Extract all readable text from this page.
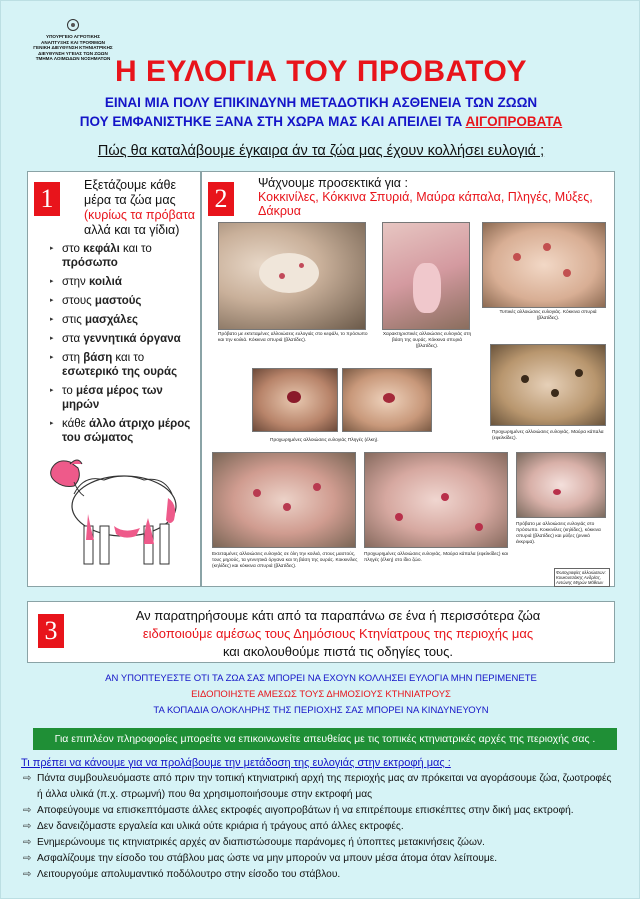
ΥΠΟΥΡΓΕΙΟ ΑΓΡΟΤΙΚΗΣ
ΑΝΑΠΤΥΞΗΣ ΚΑΙ ΤΡΟΦΙΜΩΝ
ΓΕΝΙΚΗ ΔΙΕΥΘΥΝΣΗ ΚΤΗΝΙΑΤΡΙΚΗΣ
ΔΙΕΥΘΥΝΣΗ ΥΓΕΙΑΣ ΤΩΝ ΖΩΩΝ
ΤΜΗΜΑ ΛΟΙΜΩΔΩΝ ΝΟΣΗΜΑΤΩΝ Η ΕΥΛΟΓΙΑ ΤΟΥ ΠΡΟΒΑΤΟΥ
ΕΙΝΑΙ ΜΙΑ ΠΟΛΥ ΕΠΙΚΙΝΔΥΝΗ ΜΕΤΑΔΟΤΙΚΗ ΑΣΘΕΝΕΙΑ ΤΩΝ ΖΩΩΝ
ΠΟΥ ΕΜΦΑΝΙΣΤΗΚΕ ΞΑΝΑ ΣΤΗ ΧΩΡΑ ΜΑΣ ΚΑΙ ΑΠΕΙΛΕΙ ΤΑ ΑΙΓΟΠΡΟΒΑΤΑ
Πώς θα καταλάβουμε έγκαιρα άν τα ζώα μας έχουν κολλήσει ευλογιά ;
1	Εξετάζουμε κάθε μέρα τα ζώα μας (κυρίως τα πρόβατα αλλά και τα γίδια)
▸ στο κεφάλι και το πρόσωπο
▸ στην κοιλιά
▸ στους μαστούς
▸ στις μασχάλες
▸ στα γεννητικά όργανα
▸ στη βάση και το εσωτερικό της ουράς
▸ το μέσα μέρος των μηρών
▸ κάθε άλλο άτριχο μέρος του σώματος
2
Ψάχνουμε προσεκτικά για :
Κοκκινίλες, Κόκκινα Σπυριά, Μαύρα κάπαλα, Πληγές, Μύξες, Δάκρυα
Πρόβατο με εκτεταμένες αλλοιώσεις ευλογιάς στο κεφάλι, το πρόσωπο και την κοιλιά. Κόκκινα σπυριά (βλατίδες).
Χαρακτηριστικές αλλοιώσεις ευλογιάς στη βάση της ουράς. Κόκκινα σπυριά (βλατίδες).
Τυπικές αλλοιώσεις ευλογιάς. Κόκκινα σπυριά (βλατίδες).
Προχωρημένες αλλοιώσεις ευλογιάς Πληγές (έλκη).
Προχωρημένες αλλοιώσεις ευλογιάς. Μαύρα κάπαλα (εφελκίδες).
Εκτεταμένες αλλοιώσεις ευλογιάς σε όλη την κοιλιά, στους μαστούς, τους μηρούς, τα γεννητικά όργανα και τη βάση της ουράς. Κοκκινίλες (κηλίδες) και κόκκινα σπυριά (βλατίδες).
Προχωρημένες αλλοιώσεις ευλογιάς. Μαύρα κάπαλα (εφελκίδες) και πληγές (έλκη) στο ίδιο ζώο.
Πρόβατο με αλλοιώσεις ευλογιάς στο πρόσωπο. Κοκκινίλες (κηλίδες), κόκκινα σπυριά (βλατίδες) και μύξες (ρινικό έκκριμα).
Φωτογραφίες αλλοιώσεων: Κουκουτσάκης Ανδρέας, Αντώνης Μηρών Μάθεων
3
Αν παρατηρήσουμε κάτι από τα παραπάνω σε ένα ή περισσότερα ζώα
ειδοποιούμε αμέσως τους Δημόσιους Κτηνίατρους της περιοχής μας
και ακολουθούμε πιστά τις οδηγίες τους.
ΑΝ ΥΠΟΠΤΕΥΕΣΤΕ ΟΤΙ ΤΑ ΖΩΑ ΣΑΣ ΜΠΟΡΕΙ ΝΑ ΕΧΟΥΝ ΚΟΛΛΗΣΕΙ ΕΥΛΟΓΙΑ ΜΗΝ ΠΕΡΙΜΕΝΕΤΕ
ΕΙΔΟΠΟΙΗΣΤΕ ΑΜΕΣΩΣ ΤΟΥΣ ΔΗΜΟΣΙΟΥΣ ΚΤΗΝΙΑΤΡΟΥΣ
ΤΑ ΚΟΠΑΔΙΑ ΟΛΟΚΛΗΡΗΣ ΤΗΣ ΠΕΡΙΟΧΗΣ ΣΑΣ ΜΠΟΡΕΙ ΝΑ ΚΙΝΔΥΝΕΥΟΥΝ
Για επιπλέον πληροφορίες μπορείτε να επικοινωνείτε απευθείας με τις τοπικές κτηνιατρικές αρχές της περιοχής σας .
Τι πρέπει να κάνουμε για να προλάβουμε την μετάδοση της ευλογιάς στην εκτροφή μας :
⇨ Πάντα συμβουλευόμαστε από πριν την τοπική κτηνιατρική αρχή της περιοχής μας αν πρόκειται να αγοράσουμε ζώα, ζωοτροφές
ή άλλα υλικά (π.χ. στρωμνή) που θα χρησιμοποιήσουμε στην εκτροφή μας
⇨ Αποφεύγουμε να επισκεπτόμαστε άλλες εκτροφές αιγοπροβάτων ή να επιτρέπουμε επισκέπτες στην δική μας εκτροφή.
⇨ Δεν δανειζόμαστε εργαλεία και υλικά ούτε κριάρια ή τράγους από άλλες εκτροφές.
⇨ Ενημερώνουμε τις κτηνιατρικές αρχές αν διαπιστώσουμε παράνομες ή ύποπτες μετακινήσεις ζώων.
⇨ Ασφαλίζουμε την είσοδο του στάβλου μας ώστε να μην μπορούν να μπουν μέσα άτομα όταν λείπουμε.
⇨ Λειτουργούμε απολυμαντικό ποδόλουτρο στην είσοδο του στάβλου.
